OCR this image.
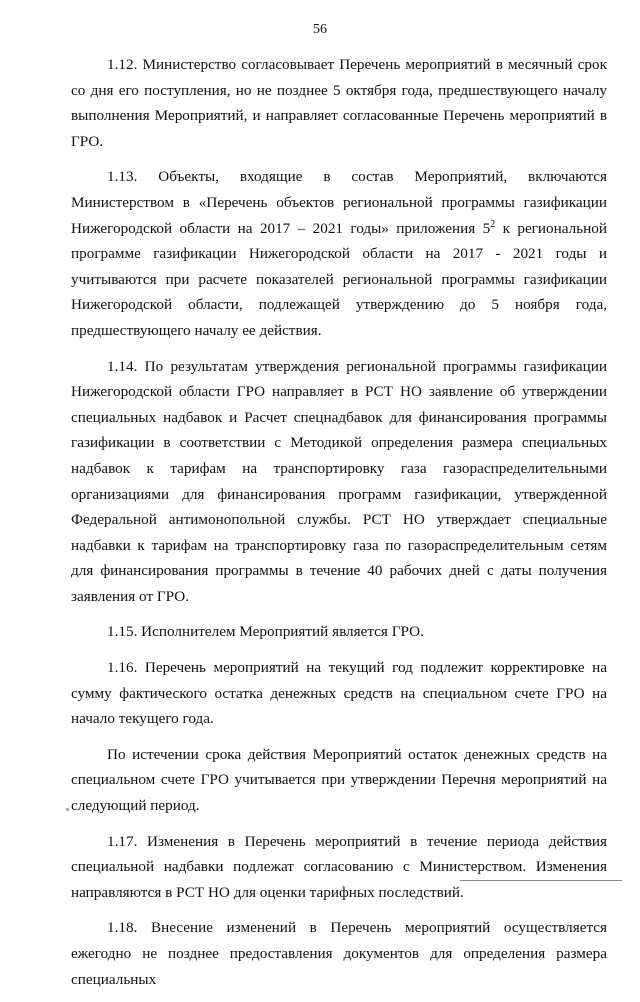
56

1.12. Министерство согласовывает Перечень мероприятий в месячный срок со дня его поступления, но не позднее 5 октября года, предшествующего началу выполнения Мероприятий, и направляет согласованные Перечень мероприятий в ГРО.

1.13. Объекты, входящие в состав Мероприятий, включаются Министерством в «Перечень объектов региональной программы газификации Нижегородской области на 2017 – 2021 годы» приложения $5^2$ к региональной программе газификации Нижегородской области на 2017 - 2021 годы и учитываются при расчете показателей региональной программы газификации Нижегородской области, подлежащей утверждению до 5 ноября года, предшествующего началу ее действия.

1.14. По результатам утверждения региональной программы газификации Нижегородской области ГРО направляет в РСТ НО заявление об утверждении специальных надбавок и Расчет спецнадбавок для финансирования программы газификации в соответствии с Методикой определения размера специальных надбавок к тарифам на транспортировку газа газораспределительными организациями для финансирования программ газификации, утвержденной Федеральной антимонопольной службы. РСТ НО утверждает специальные надбавки к тарифам на транспортировку газа по газораспределительным сетям для финансирования программы в течение 40 рабочих дней с даты получения заявления от ГРО.

1.15. Исполнителем Мероприятий является ГРО.

1.16. Перечень мероприятий на текущий год подлежит корректировке на сумму фактического остатка денежных средств на специальном счете ГРО на начало текущего года.

По истечении срока действия Мероприятий остаток денежных средств на специальном счете ГРО учитывается при утверждении Перечня мероприятий на следующий период.

1.17. Изменения в Перечень мероприятий в течение периода действия специальной надбавки подлежат согласованию с Министерством. Изменения направляются в РСТ НО для оценки тарифных последствий.

1.18. Внесение изменений в Перечень мероприятий осуществляется ежегодно не позднее предоставления документов для определения размера специальных
